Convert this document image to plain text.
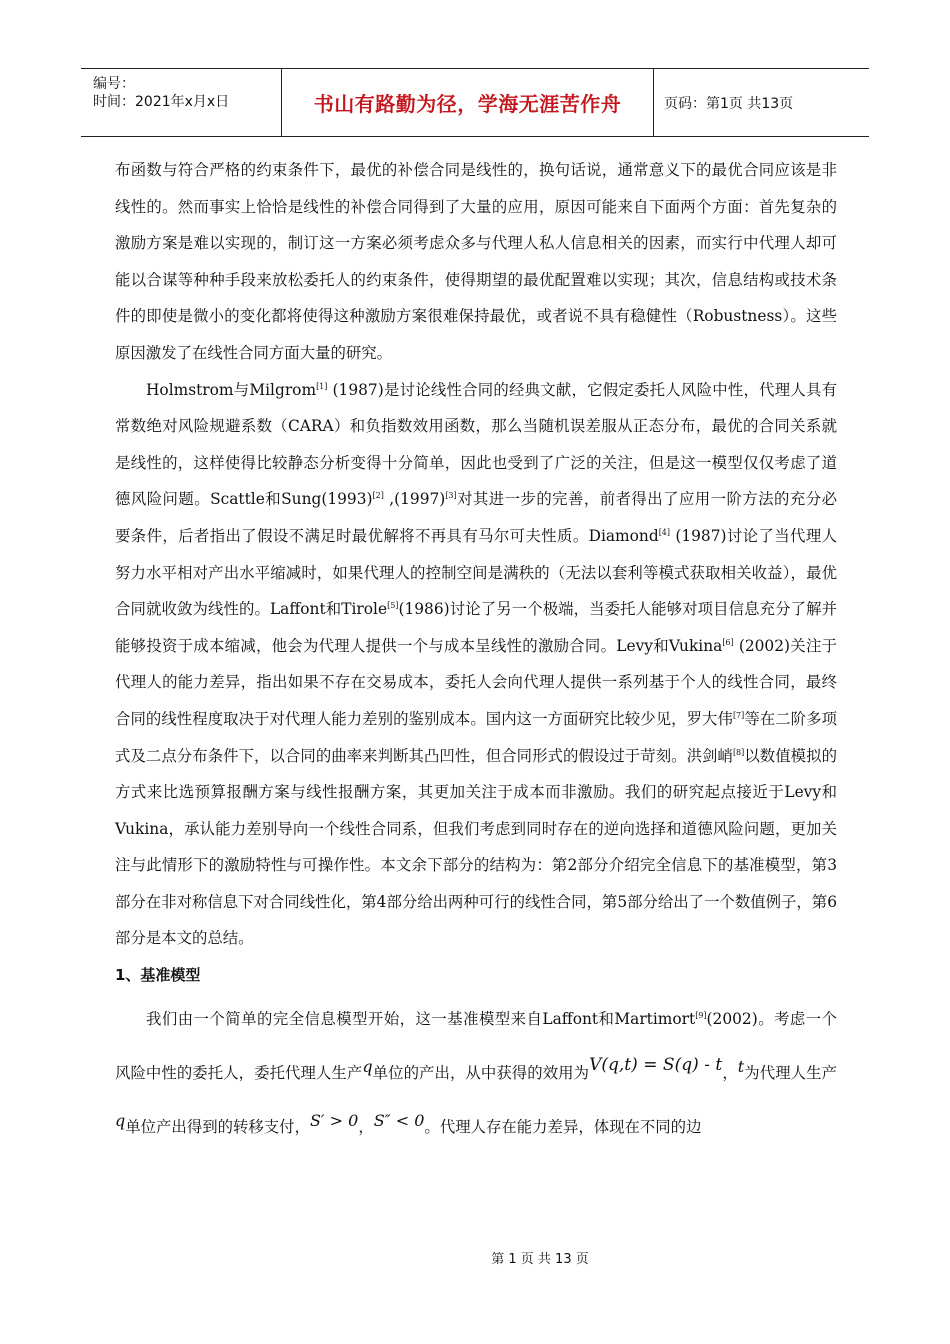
编号：
时间：2021年x月x日	书山有路勤为径，学海无涯苦作舟	页码：第1页 共13页

布函数与符合严格的约束条件下，最优的补偿合同是线性的，换句话说，通常意义下的最优合同应该是非线性的。然而事实上恰恰是线性的补偿合同得到了大量的应用，原因可能来自下面两个方面：首先复杂的激励方案是难以实现的，制订这一方案必须考虑众多与代理人私人信息相关的因素，而实行中代理人却可能以合谋等种种手段来放松委托人的约束条件，使得期望的最优配置难以实现；其次，信息结构或技术条件的即使是微小的变化都将使得这种激励方案很难保持最优，或者说不具有稳健性（Robustness）。这些原因激发了在线性合同方面大量的研究。

Holmstrom与Milgrom[1] (1987)是讨论线性合同的经典文献，它假定委托人风险中性，代理人具有常数绝对风险规避系数（CARA）和负指数效用函数，那么当随机误差服从正态分布，最优的合同关系就是线性的，这样使得比较静态分析变得十分简单，因此也受到了广泛的关注，但是这一模型仅仅考虑了道德风险问题。Scattle和Sung(1993)[2] ,(1997)[3]对其进一步的完善，前者得出了应用一阶方法的充分必要条件，后者指出了假设不满足时最优解将不再具有马尔可夫性质。Diamond[4] (1987)讨论了当代理人努力水平相对产出水平缩减时，如果代理人的控制空间是满秩的（无法以套利等模式获取相关收益），最优合同就收敛为线性的。Laffont和Tirole[5](1986)讨论了另一个极端，当委托人能够对项目信息充分了解并能够投资于成本缩减，他会为代理人提供一个与成本呈线性的激励合同。Levy和Vukina[6] (2002)关注于代理人的能力差异，指出如果不存在交易成本，委托人会向代理人提供一系列基于个人的线性合同，最终合同的线性程度取决于对代理人能力差别的鉴别成本。国内这一方面研究比较少见，罗大伟[7]等在二阶多项式及二点分布条件下，以合同的曲率来判断其凸凹性，但合同形式的假设过于苛刻。洪剑峭[8]以数值模拟的方式来比选预算报酬方案与线性报酬方案，其更加关注于成本而非激励。我们的研究起点接近于Levy和Vukina，承认能力差别导向一个线性合同系，但我们考虑到同时存在的逆向选择和道德风险问题，更加关注与此情形下的激励特性与可操作性。本文余下部分的结构为：第2部分介绍完全信息下的基准模型，第3部分在非对称信息下对合同线性化，第4部分给出两种可行的线性合同，第5部分给出了一个数值例子，第6部分是本文的总结。

1、基准模型

我们由一个简单的完全信息模型开始，这一基准模型来自Laffont和Martimort[9](2002)。考虑一个风险中性的委托人，委托代理人生产q单位的产出，从中获得的效用为V(q,t) = S(q) - t，t为代理人生产q单位产出得到的转移支付，S′ > 0，S″ < 0。代理人存在能力差异，体现在不同的边

第 1 页 共 13 页
